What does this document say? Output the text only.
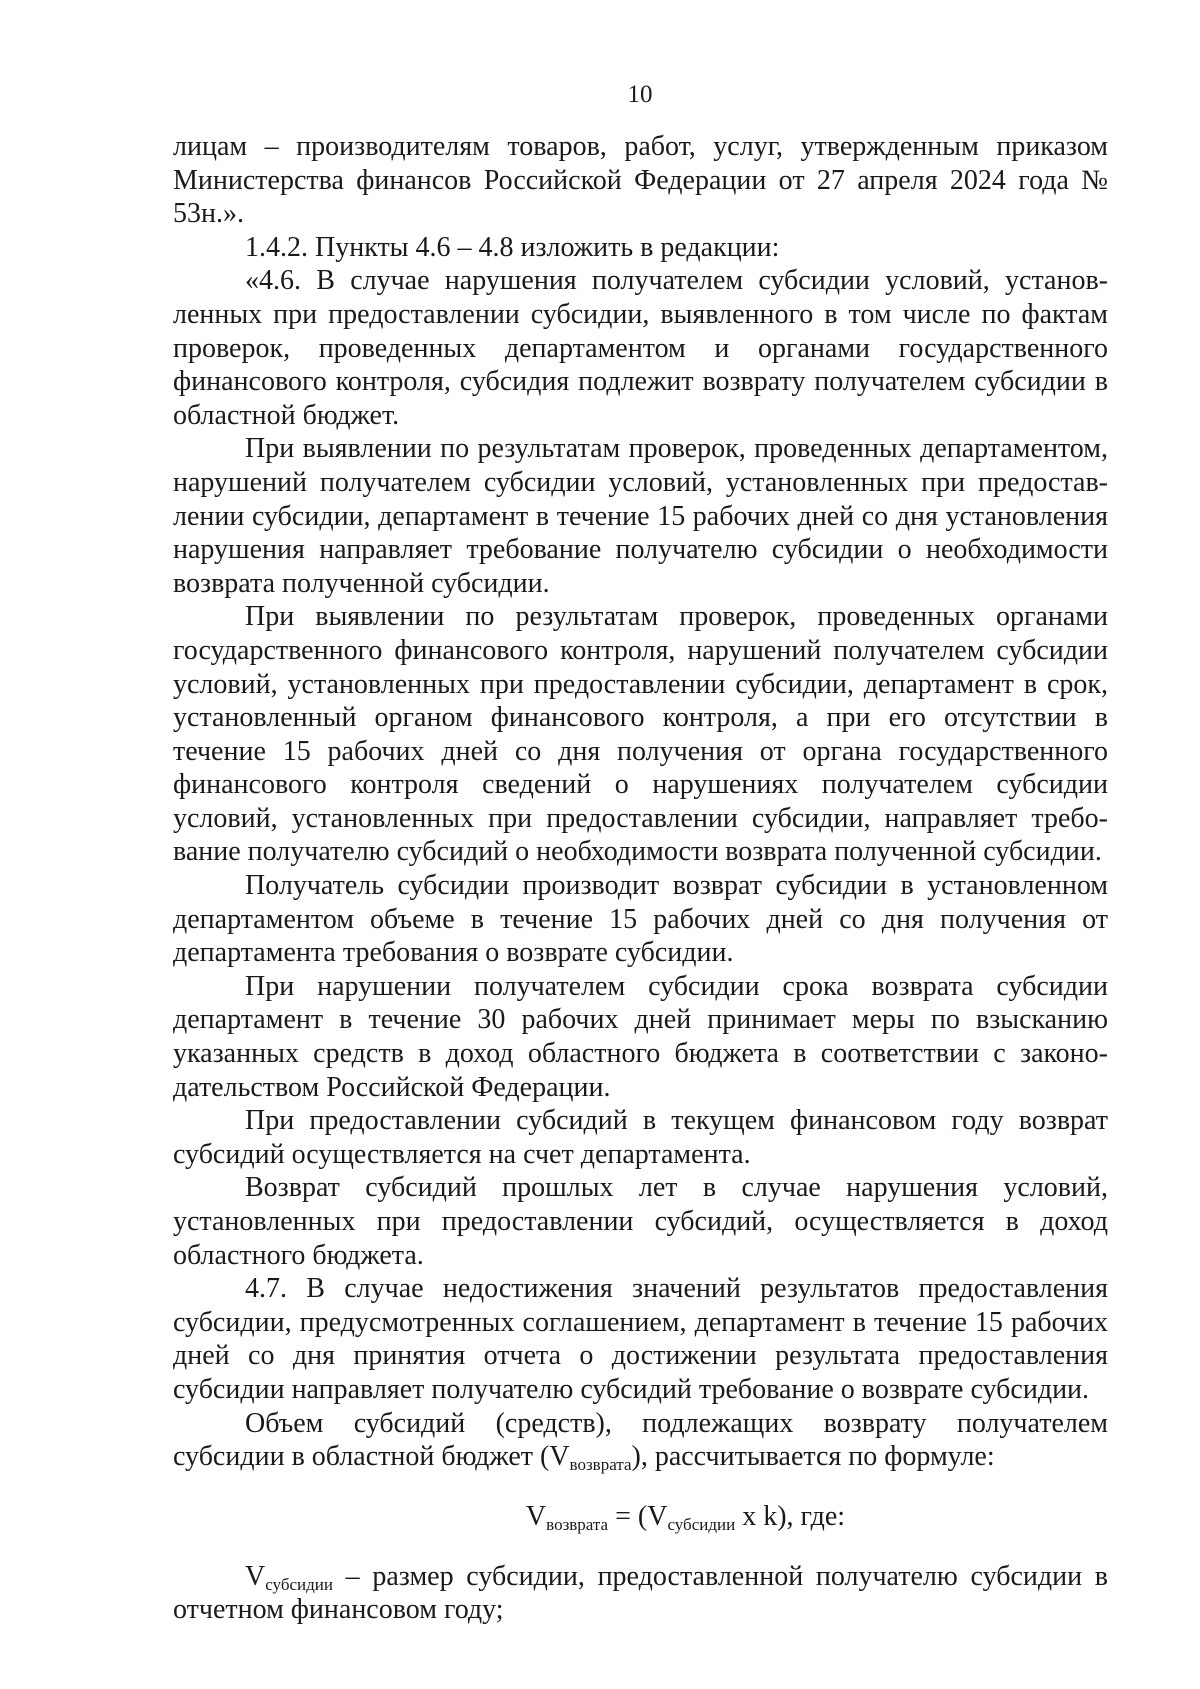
10

лицам – производителям товаров, работ, услуг, утвержденным приказом Министерства финансов Российской Федерации от 27 апреля 2024 года № 53н.».

1.4.2. Пункты 4.6 – 4.8 изложить в редакции:

«4.6. В случае нарушения получателем субсидии условий, установленных при предоставлении субсидии, выявленного в том числе по фактам проверок, проведенных департаментом и органами государственного финансового контроля, субсидия подлежит возврату получателем субсидии в областной бюджет.

При выявлении по результатам проверок, проведенных департаментом, нарушений получателем субсидии условий, установленных при предоставлении субсидии, департамент в течение 15 рабочих дней со дня установления нарушения направляет требование получателю субсидии о необходимости возврата полученной субсидии.

При выявлении по результатам проверок, проведенных органами государственного финансового контроля, нарушений получателем субсидии условий, установленных при предоставлении субсидии, департамент в срок, установленный органом финансового контроля, а при его отсутствии в течение 15 рабочих дней со дня получения от органа государственного финансового контроля сведений о нарушениях получателем субсидии условий, установленных при предоставлении субсидии, направляет требование получателю субсидий о необходимости возврата полученной субсидии.

Получатель субсидии производит возврат субсидии в установленном департаментом объеме в течение 15 рабочих дней со дня получения от департамента требования о возврате субсидии.

При нарушении получателем субсидии срока возврата субсидии департамент в течение 30 рабочих дней принимает меры по взысканию указанных средств в доход областного бюджета в соответствии с законодательством Российской Федерации.

При предоставлении субсидий в текущем финансовом году возврат субсидий осуществляется на счет департамента.

Возврат субсидий прошлых лет в случае нарушения условий, установленных при предоставлении субсидий, осуществляется в доход областного бюджета.

4.7. В случае недостижения значений результатов предоставления субсидии, предусмотренных соглашением, департамент в течение 15 рабочих дней со дня принятия отчета о достижении результата предоставления субсидии направляет получателю субсидий требование о возврате субсидии.

Объем субсидий (средств), подлежащих возврату получателем субсидии в областной бюджет $(V_{возврата})$, рассчитывается по формуле:

$V_{возврата} = (V_{субсидии}$ x k), где:

$V_{субсидии}$ – размер субсидии, предоставленной получателю субсидии в отчетном финансовом году;
